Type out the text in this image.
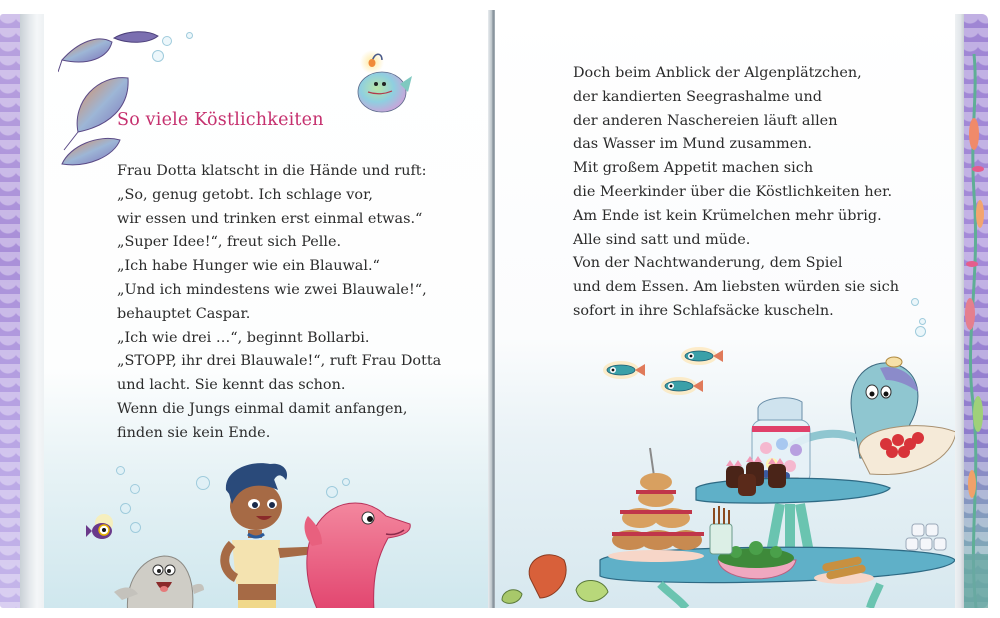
So viele Köstlichkeiten
Frau Dotta klatscht in die Hände und ruft:
„So, genug getobt. Ich schlage vor,
wir essen und trinken erst einmal etwas.“
„Super Idee!“, freut sich Pelle.
„Ich habe Hunger wie ein Blauwal.“
„Und ich mindestens wie zwei Blauwale!“,
behauptet Caspar.
„Ich wie drei …“, beginnt Bollarbi.
„STOPP, ihr drei Blauwale!“, ruft Frau Dotta
und lacht. Sie kennt das schon.
Wenn die Jungs einmal damit anfangen,
finden sie kein Ende.
Doch beim Anblick der Algenplätzchen,
der kandierten Seegrashalme und
der anderen Naschereien läuft allen
das Wasser im Mund zusammen.
Mit großem Appetit machen sich
die Meerkinder über die Köstlichkeiten her.
Am Ende ist kein Krümelchen mehr übrig.
Alle sind satt und müde.
Von der Nachtwanderung, dem Spiel
und dem Essen. Am liebsten würden sie sich
sofort in ihre Schlafsäcke kuscheln.
